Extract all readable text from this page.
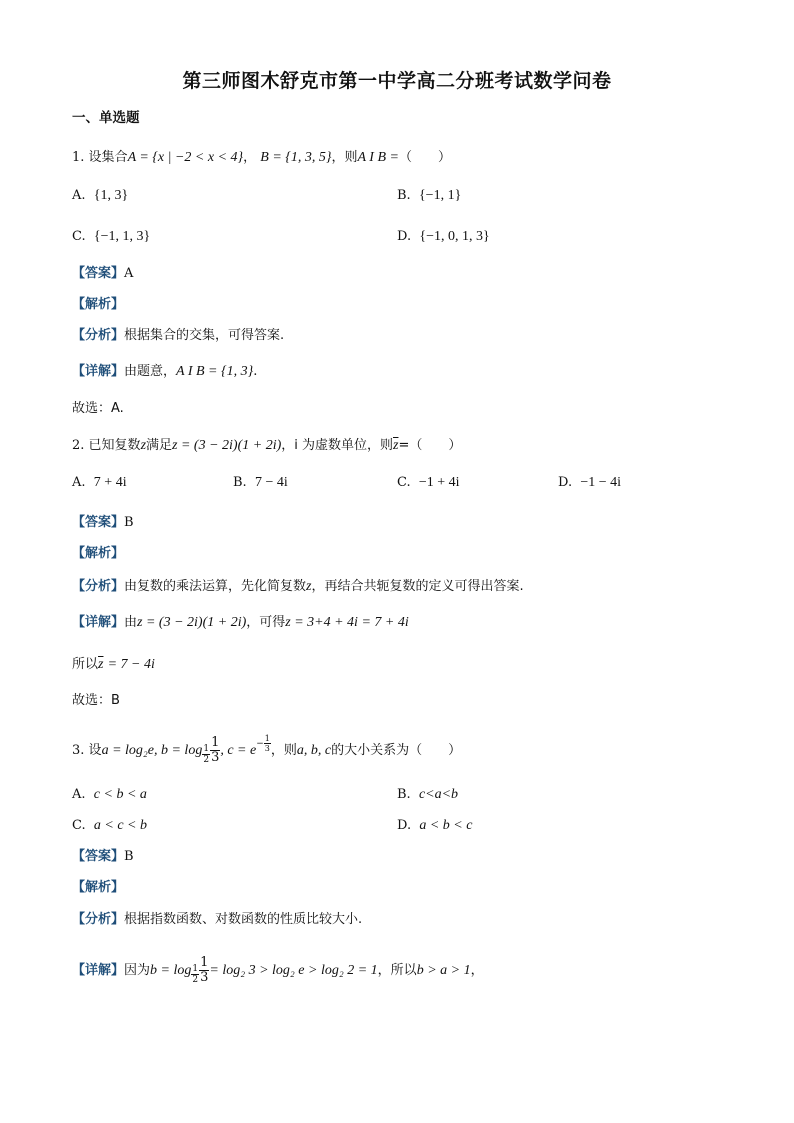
第三师图木舒克市第一中学高二分班考试数学问卷
一、单选题
1. 设集合A = {x | −2 < x < 4}， B = {1, 3, 5}，则A I B =（　　）
A. {1, 3}	B. {−1, 1}
C. {−1, 1, 3}	D. {−1, 0, 1, 3}
【答案】A
【解析】
【分析】根据集合的交集，可得答案.
【详解】由题意，A I B = {1, 3}.
故选：A.
2. 已知复数z满足z = (3 − 2i)(1 + 2i)，i 为虚数单位，则$\overline{z}=$（　　）
A. 7 + 4i	B. 7 − 4i	C. −1 + 4i	D. −1 − 4i
【答案】B
【解析】
【分析】由复数的乘法运算，先化简复数z，再结合共轭复数的定义可得出答案.
【详解】由z = (3 − 2i)(1 + 2i)，可得z = 3+4 + 4i = 7 + 4i
所以$\overline{z} = 7 - 4i$
故选：B
3. 设a = log₂e, $b = \log \frac{1}{2} \frac{1}{3}$ , $c = e^{- \frac{1}{3}}$ ，则a, b, c的大小关系为（　　）
A. c < b < a	B. c<a<b
C. a < c < b	D. a < b < c
【答案】B
【解析】
【分析】根据指数函数、对数函数的性质比较大小.
【详解】因为$b = \log \frac{1}{2} \frac{1}{3} = \log_2$ 3 > log₂ e > log₂ 2 = 1，所以b > a > 1，
